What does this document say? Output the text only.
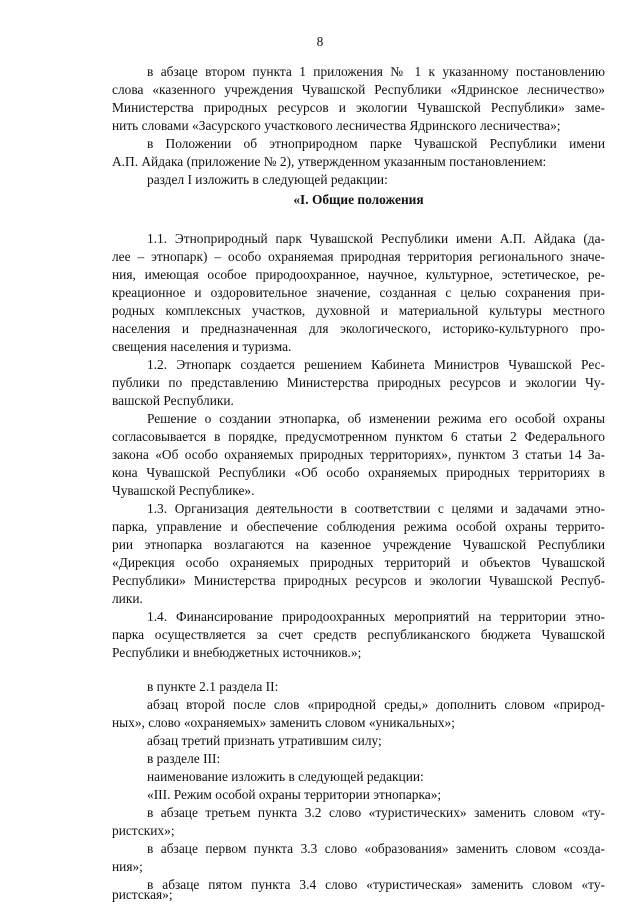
8
«I. Общие положения
в абзаце втором пункта 1 приложения № 1 к указанному постановлению
слова «казенного учреждения Чувашской Республики «Ядринское лесничество»
Министерства природных ресурсов и экологии Чувашской Республики» заме-
нить словами «Засурского участкового лесничества Ядринского лесничества»;
в Положении об этноприродном парке Чувашской Республики имени
А.П. Айдака (приложение № 2), утвержденном указанным постановлением:
раздел I изложить в следующей редакции:
1.1. Этноприродный парк Чувашской Республики имени А.П. Айдака (да-
лее – этнопарк) – особо охраняемая природная территория регионального значе-
ния, имеющая особое природоохранное, научное, культурное, эстетическое, ре-
креационное и оздоровительное значение, созданная с целью сохранения при-
родных комплексных участков, духовной и материальной культуры местного
населения и предназначенная для экологического, историко-культурного про-
свещения населения и туризма.
1.2. Этнопарк создается решением Кабинета Министров Чувашской Рес-
публики по представлению Министерства природных ресурсов и экологии Чу-
вашской Республики.
Решение о создании этнопарка, об изменении режима его особой охраны
согласовывается в порядке, предусмотренном пунктом 6 статьи 2 Федерального
закона «Об особо охраняемых природных территориях», пунктом 3 статьи 14 За-
кона Чувашской Республики «Об особо охраняемых природных территориях в
Чувашской Республике».
1.3. Организация деятельности в соответствии с целями и задачами этно-
парка, управление и обеспечение соблюдения режима особой охраны террито-
рии этнопарка возлагаются на казенное учреждение Чувашской Республики
«Дирекция особо охраняемых природных территорий и объектов Чувашской
Республики» Министерства природных ресурсов и экологии Чувашской Респуб-
лики.
1.4. Финансирование природоохранных мероприятий на территории этно-
парка осуществляется за счет средств республиканского бюджета Чувашской
Республики и внебюджетных источников.»;
в пункте 2.1 раздела II:
абзац второй после слов «природной среды,» дополнить словом «природ-
ных», слово «охраняемых» заменить словом «уникальных»;
абзац третий признать утратившим силу;
в разделе III:
наименование изложить в следующей редакции:
«III. Режим особой охраны территории этнопарка»;
в абзаце третьем пункта 3.2 слово «туристических» заменить словом «ту-
ристских»;
в абзаце первом пункта 3.3 слово «образования» заменить словом «созда-
ния»;
в абзаце пятом пункта 3.4 слово «туристическая» заменить словом «ту-
ристская»;
